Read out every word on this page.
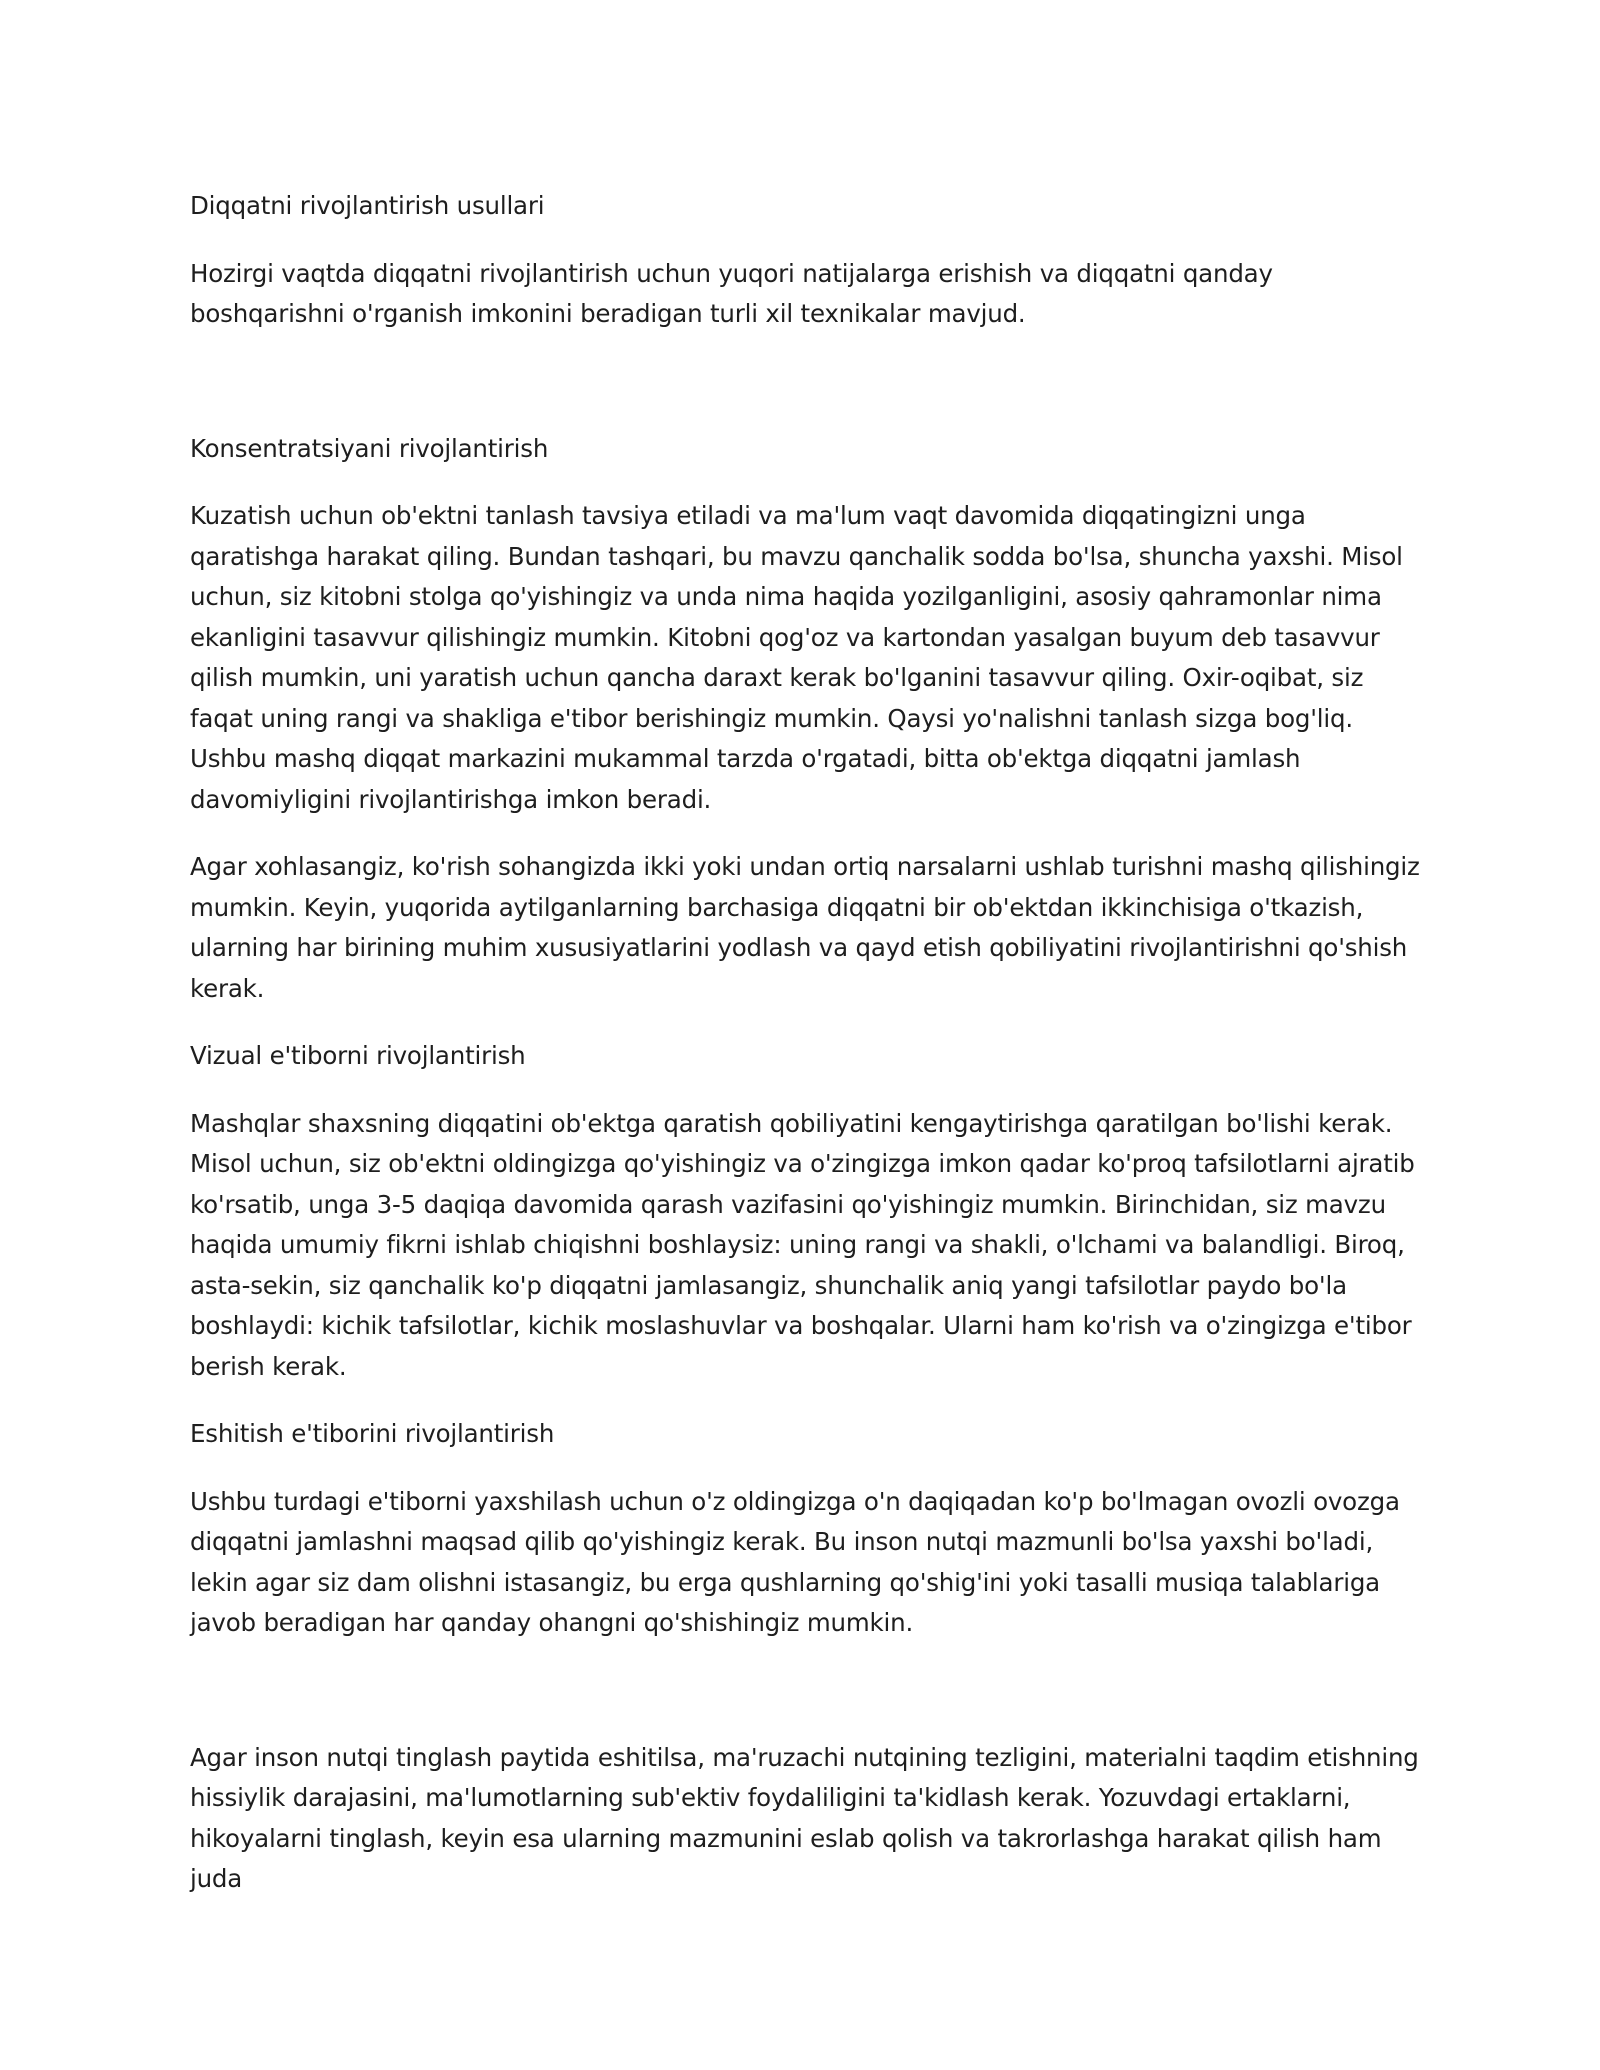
Diqqatni rivojlantirish usullari

Hozirgi vaqtda diqqatni rivojlantirish uchun yuqori natijalarga erishish va diqqatni qanday boshqarishni o'rganish imkonini beradigan turli xil texnikalar mavjud.

Konsentratsiyani rivojlantirish

Kuzatish uchun ob'ektni tanlash tavsiya etiladi va ma'lum vaqt davomida diqqatingizni unga qaratishga harakat qiling. Bundan tashqari, bu mavzu qanchalik sodda bo'lsa, shuncha yaxshi. Misol uchun, siz kitobni stolga qo'yishingiz va unda nima haqida yozilganligini, asosiy qahramonlar nima ekanligini tasavvur qilishingiz mumkin. Kitobni qog'oz va kartondan yasalgan buyum deb tasavvur qilish mumkin, uni yaratish uchun qancha daraxt kerak bo'lganini tasavvur qiling. Oxir-oqibat, siz faqat uning rangi va shakliga e'tibor berishingiz mumkin. Qaysi yo'nalishni tanlash sizga bog'liq. Ushbu mashq diqqat markazini mukammal tarzda o'rgatadi, bitta ob'ektga diqqatni jamlash davomiyligini rivojlantirishga imkon beradi.

Agar xohlasangiz, ko'rish sohangizda ikki yoki undan ortiq narsalarni ushlab turishni mashq qilishingiz mumkin. Keyin, yuqorida aytilganlarning barchasiga diqqatni bir ob'ektdan ikkinchisiga o'tkazish, ularning har birining muhim xususiyatlarini yodlash va qayd etish qobiliyatini rivojlantirishni qo'shish kerak.

Vizual e'tiborni rivojlantirish

Mashqlar shaxsning diqqatini ob'ektga qaratish qobiliyatini kengaytirishga qaratilgan bo'lishi kerak. Misol uchun, siz ob'ektni oldingizga qo'yishingiz va o'zingizga imkon qadar ko'proq tafsilotlarni ajratib ko'rsatib, unga 3-5 daqiqa davomida qarash vazifasini qo'yishingiz mumkin. Birinchidan, siz mavzu haqida umumiy fikrni ishlab chiqishni boshlaysiz: uning rangi va shakli, o'lchami va balandligi. Biroq, asta-sekin, siz qanchalik ko'p diqqatni jamlasangiz, shunchalik aniq yangi tafsilotlar paydo bo'la boshlaydi: kichik tafsilotlar, kichik moslashuvlar va boshqalar. Ularni ham ko'rish va o'zingizga e'tibor berish kerak.

Eshitish e'tiborini rivojlantirish

Ushbu turdagi e'tiborni yaxshilash uchun o'z oldingizga o'n daqiqadan ko'p bo'lmagan ovozli ovozga diqqatni jamlashni maqsad qilib qo'yishingiz kerak. Bu inson nutqi mazmunli bo'lsa yaxshi bo'ladi, lekin agar siz dam olishni istasangiz, bu erga qushlarning qo'shig'ini yoki tasalli musiqa talablariga javob beradigan har qanday ohangni qo'shishingiz mumkin.

Agar inson nutqi tinglash paytida eshitilsa, ma'ruzachi nutqining tezligini, materialni taqdim etishning hissiylik darajasini, ma'lumotlarning sub'ektiv foydaliligini ta'kidlash kerak. Yozuvdagi ertaklarni, hikoyalarni tinglash, keyin esa ularning mazmunini eslab qolish va takrorlashga harakat qilish ham juda
